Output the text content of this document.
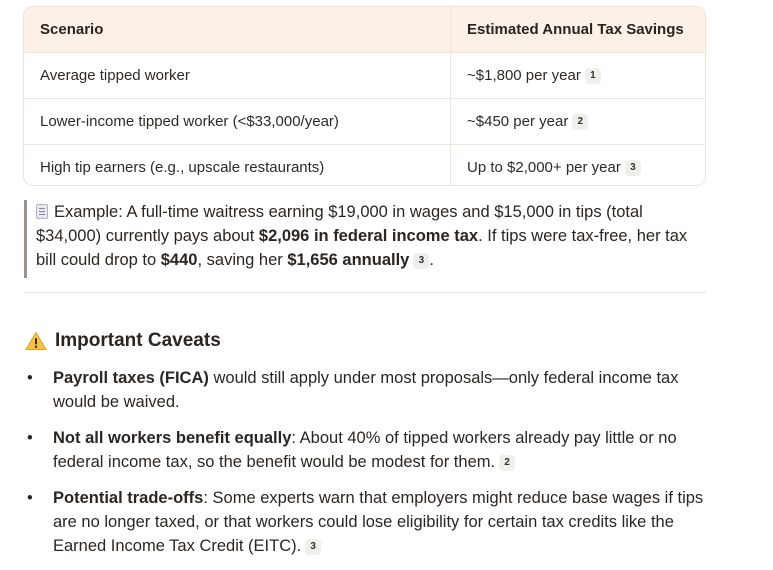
Scenario	Estimated Annual Tax Savings
Average tipped worker	~$1,800 per year 1
Lower-income tipped worker (<$33,000/year)	~$450 per year 2
High tip earners (e.g., upscale restaurants)	Up to $2,000+ per year 3
Example: A full-time waitress earning $19,000 in wages and $15,000 in tips (total $34,000) currently pays about $2,096 in federal income tax. If tips were tax-free, her tax bill could drop to $440, saving her $1,656 annually 3 .
Important Caveats
• Payroll taxes (FICA) would still apply under most proposals—only federal income tax would be waived.
• Not all workers benefit equally: About 40% of tipped workers already pay little or no federal income tax, so the benefit would be modest for them. 2
• Potential trade-offs: Some experts warn that employers might reduce base wages if tips are no longer taxed, or that workers could lose eligibility for certain tax credits like the Earned Income Tax Credit (EITC). 3
